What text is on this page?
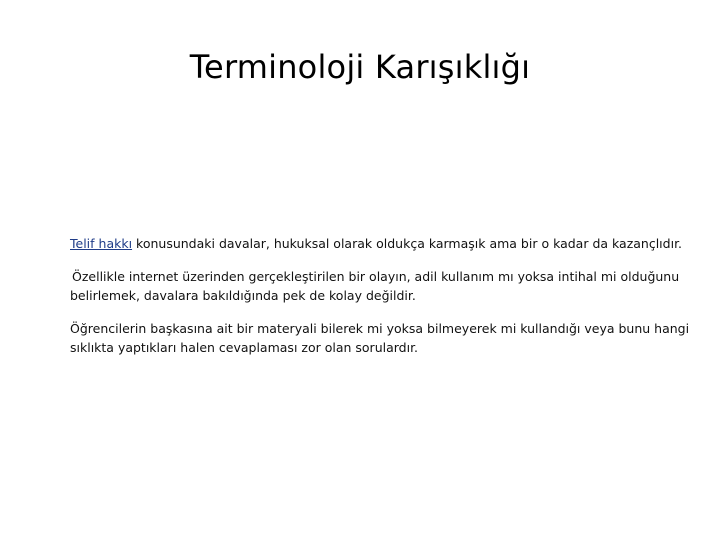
Terminoloji Karışıklığı

Telif hakkı konusundaki davalar, hukuksal olarak oldukça karmaşık ama bir o kadar da kazançlıdır.

Özellikle internet üzerinden gerçekleştirilen bir olayın, adil kullanım mı yoksa intihal mi olduğunu belirlemek, davalara bakıldığında pek de kolay değildir.

Öğrencilerin başkasına ait bir materyali bilerek mi yoksa bilmeyerek mi kullandığı veya bunu hangi sıklıkta yaptıkları halen cevaplaması zor olan sorulardır.
